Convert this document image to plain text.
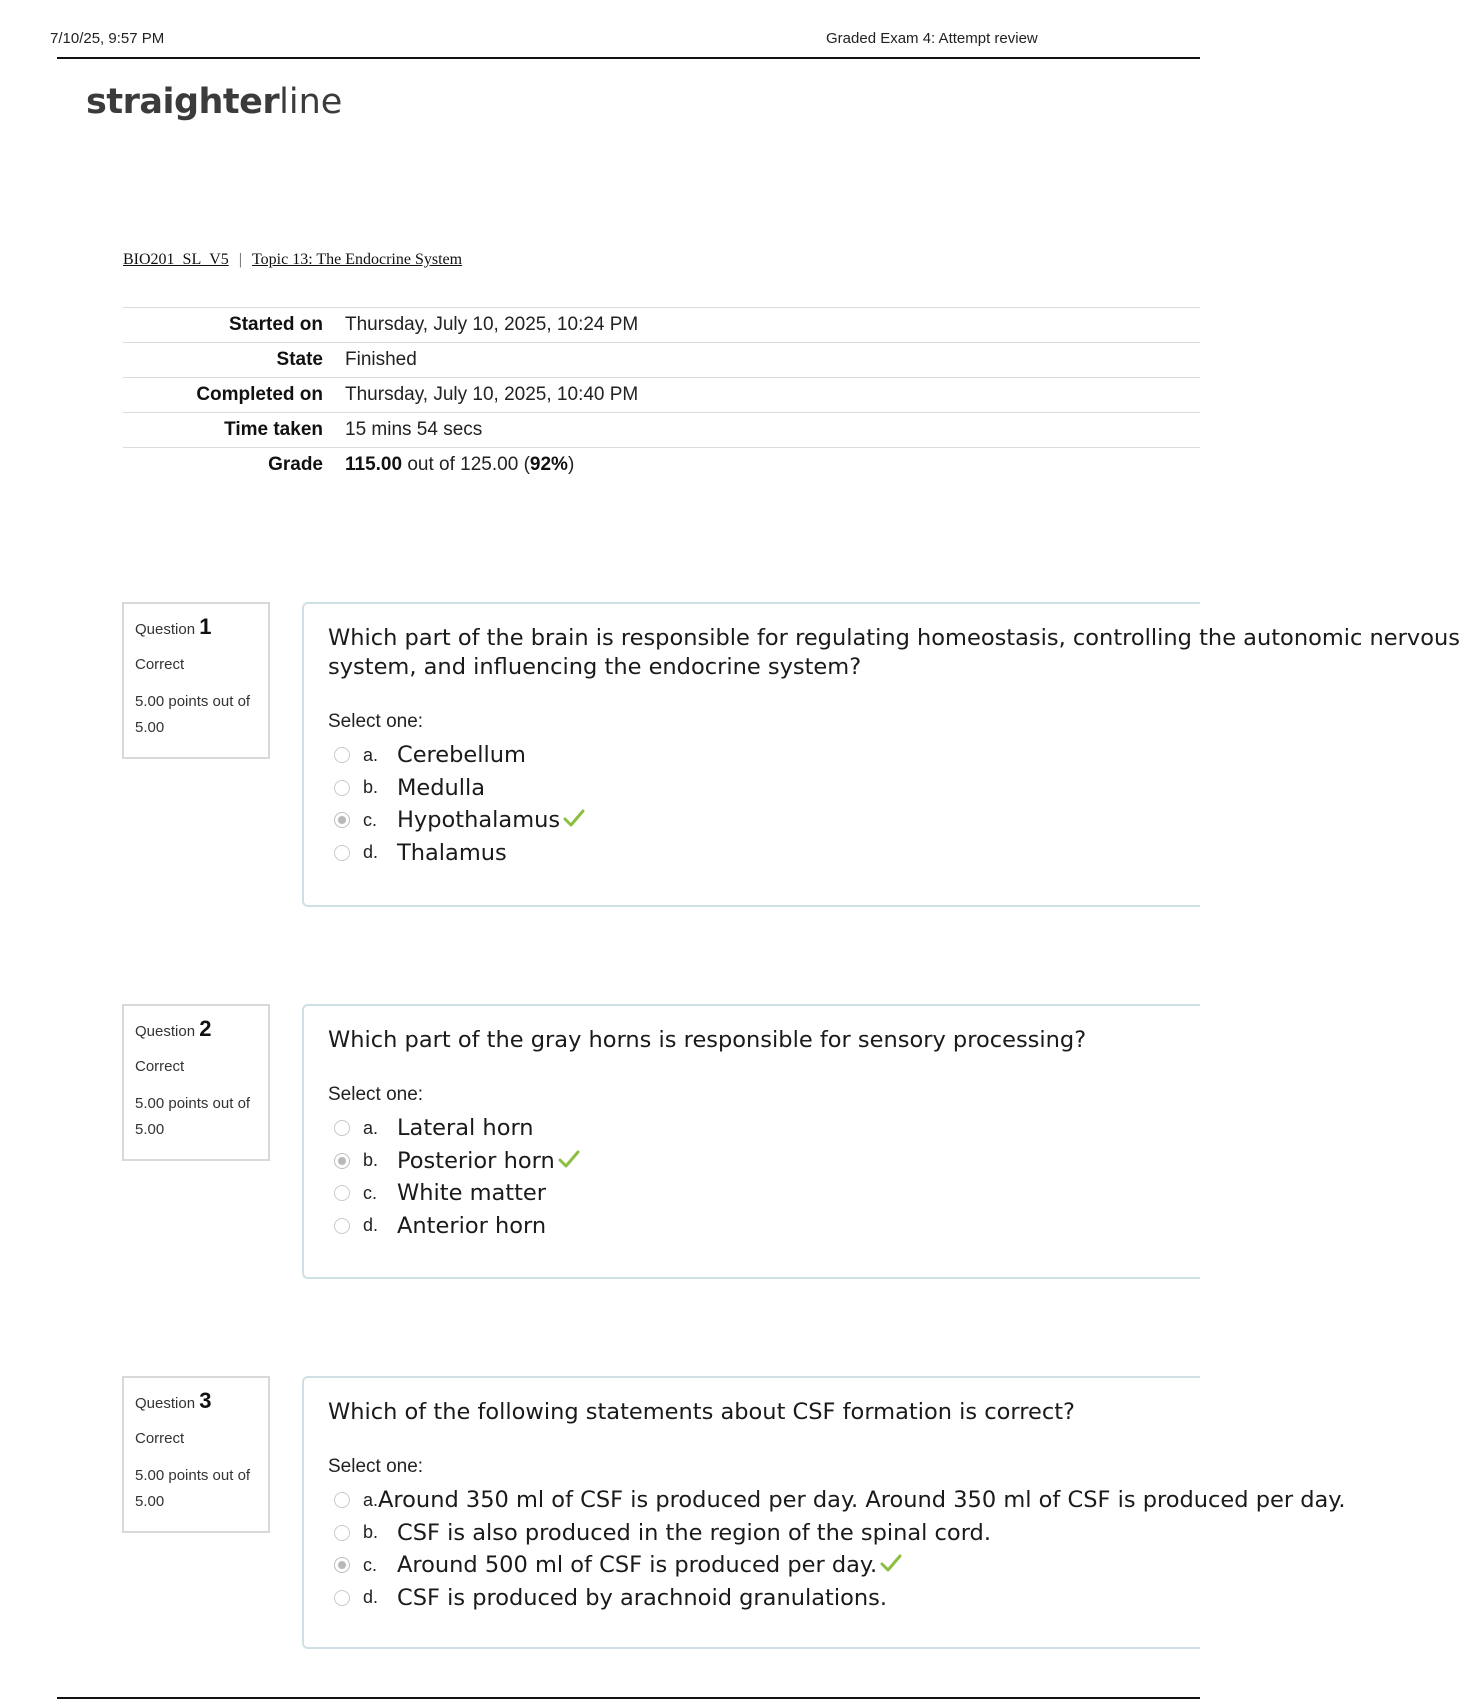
7/10/25, 9:57 PM	Graded Exam 4: Attempt review
straighterline
BIO201_SL_V5 | Topic 13: The Endocrine System
Started on	Thursday, July 10, 2025, 10:24 PM
State	Finished
Completed on	Thursday, July 10, 2025, 10:40 PM
Time taken	15 mins 54 secs
Grade	115.00 out of 125.00 (92%)
Question 1
Correct
5.00 points out of 5.00
Which part of the brain is responsible for regulating homeostasis, controlling the autonomic nervous
system, and influencing the endocrine system?
Select one:
a. Cerebellum
b. Medulla
c. Hypothalamus
d. Thalamus
Question 2
Correct
5.00 points out of 5.00
Which part of the gray horns is responsible for sensory processing?
Select one:
a. Lateral horn
b. Posterior horn
c. White matter
d. Anterior horn
Question 3
Correct
5.00 points out of 5.00
Which of the following statements about CSF formation is correct?
Select one:
a. Around 350 ml of CSF is produced per day. Around 350 ml of CSF is produced per day.
b. CSF is also produced in the region of the spinal cord.
c. Around 500 ml of CSF is produced per day.
d. CSF is produced by arachnoid granulations.
